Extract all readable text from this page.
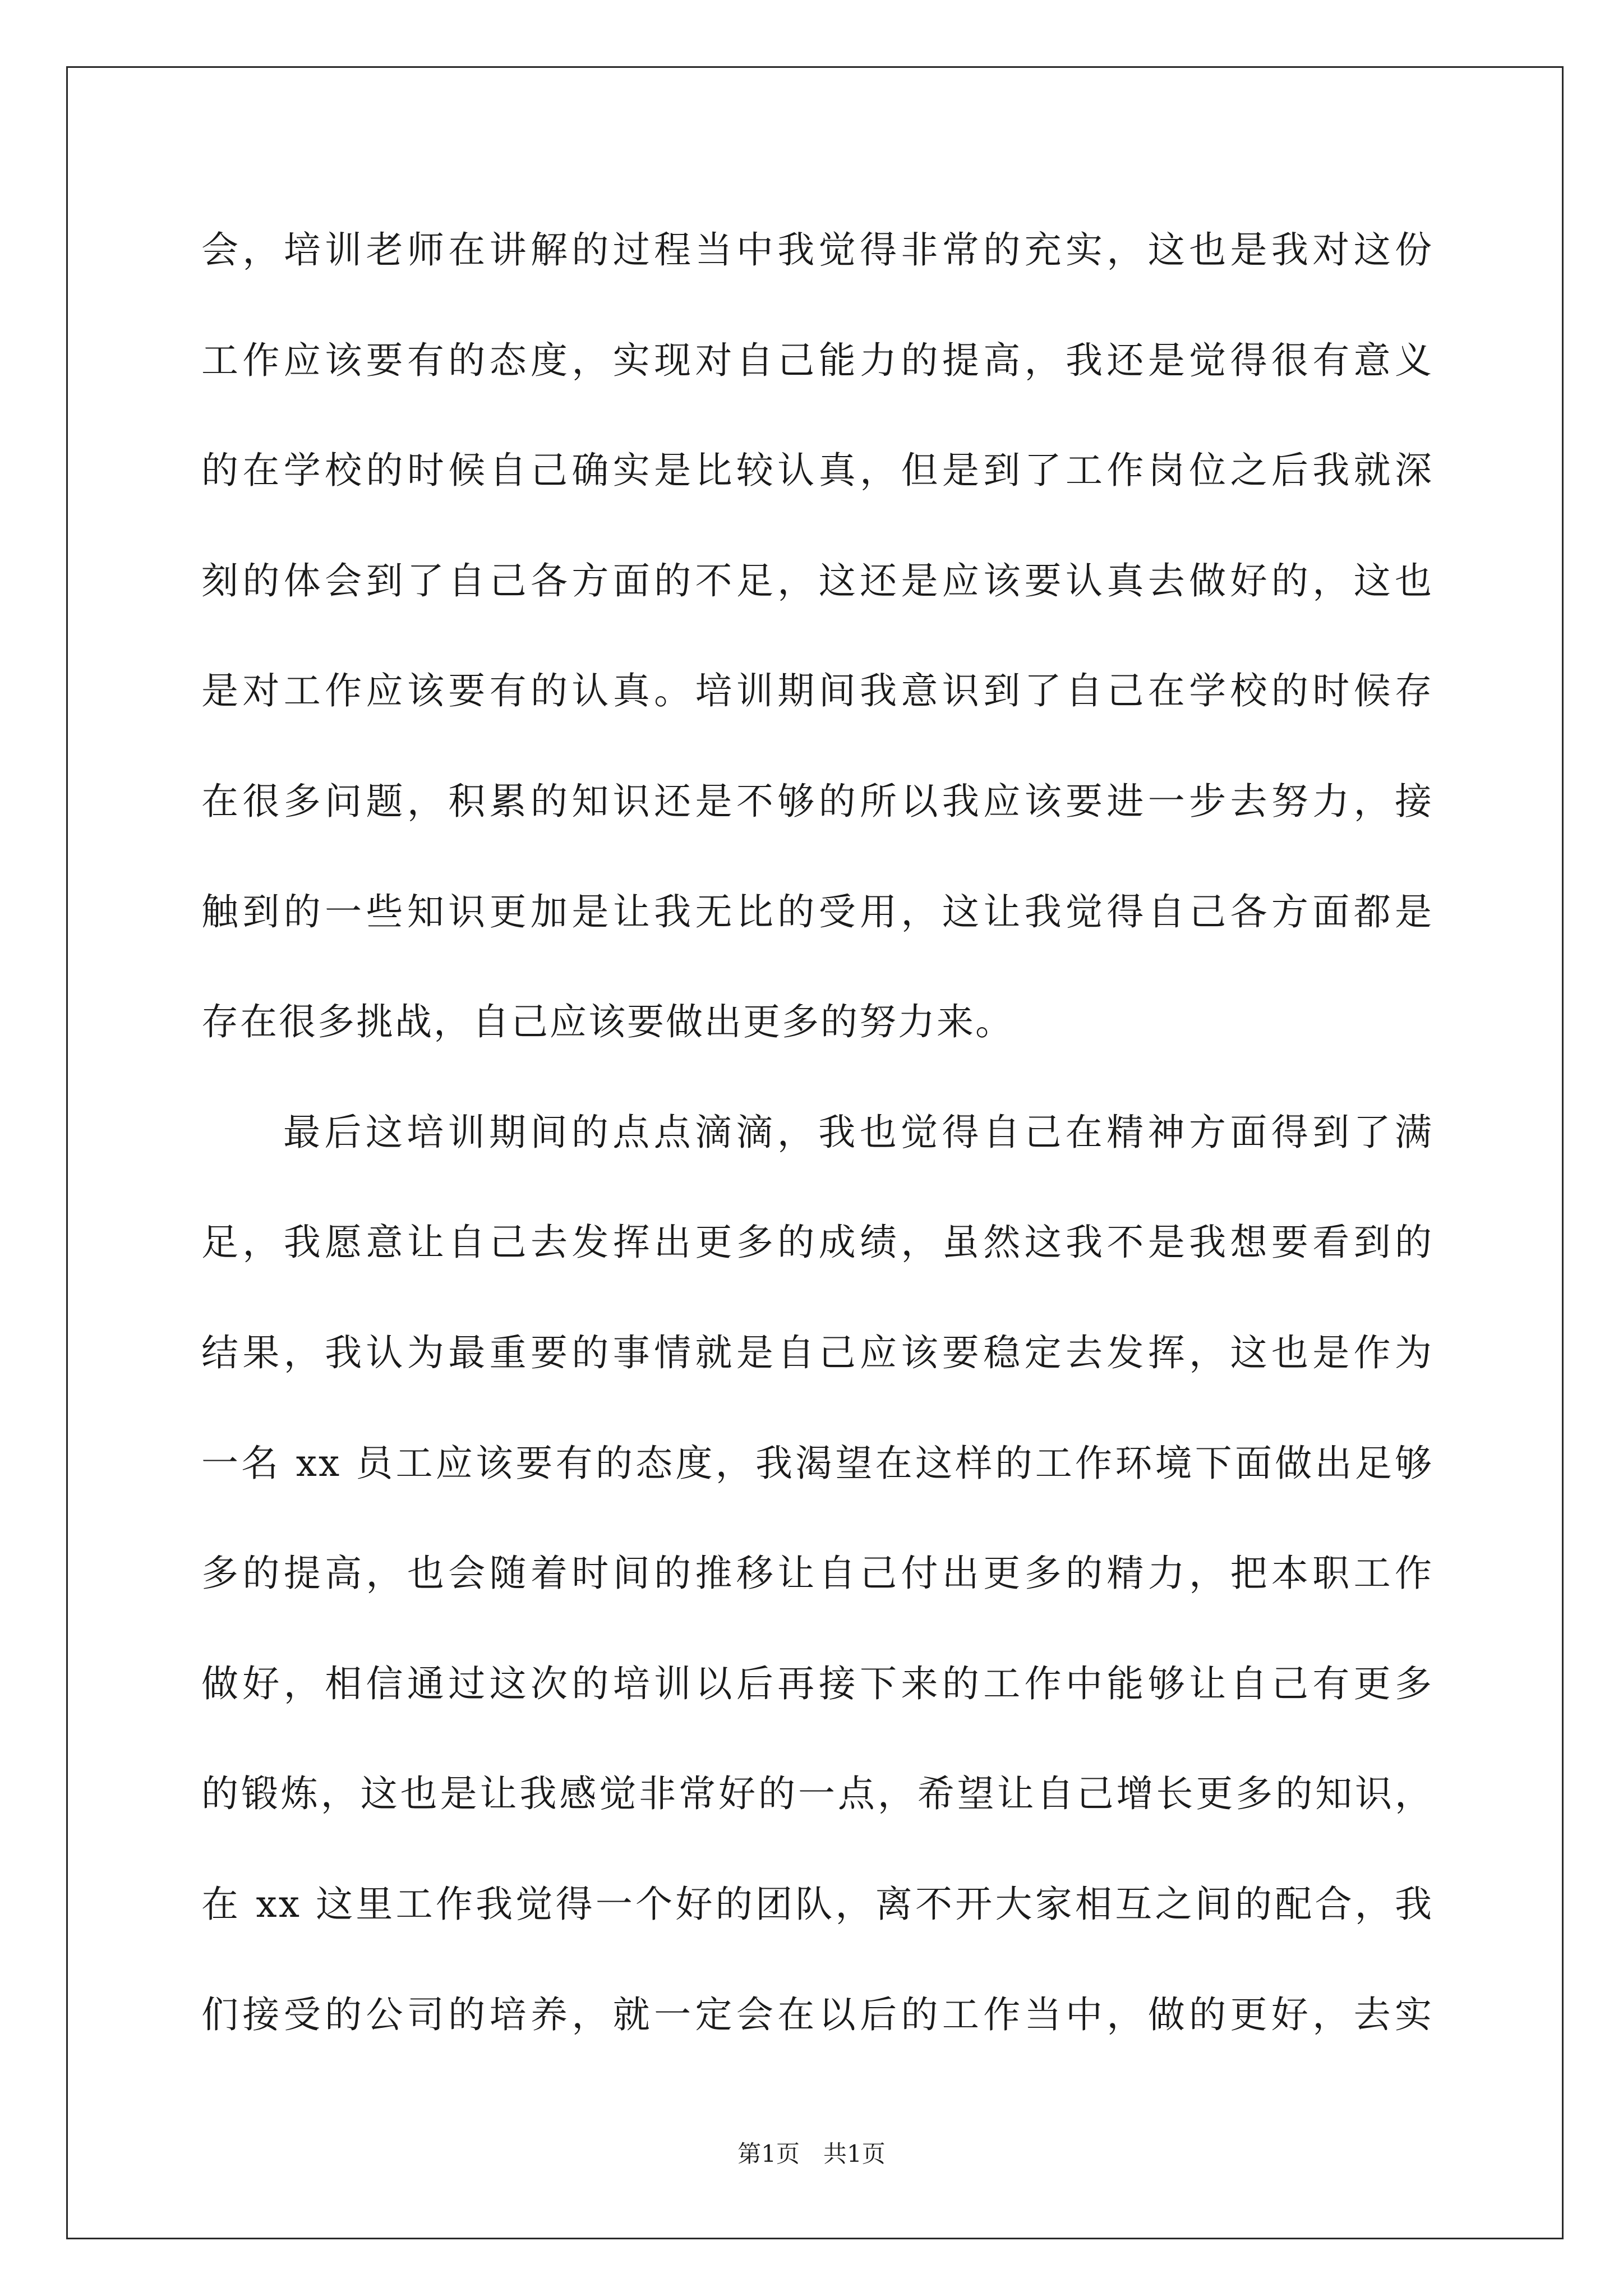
会，培训老师在讲解的过程当中我觉得非常的充实，这也是我对这份
工作应该要有的态度，实现对自己能力的提高，我还是觉得很有意义
的在学校的时候自己确实是比较认真，但是到了工作岗位之后我就深
刻的体会到了自己各方面的不足，这还是应该要认真去做好的，这也
是对工作应该要有的认真。培训期间我意识到了自己在学校的时候存
在很多问题，积累的知识还是不够的所以我应该要进一步去努力，接
触到的一些知识更加是让我无比的受用，这让我觉得自己各方面都是
存在很多挑战，自己应该要做出更多的努力来。
最后这培训期间的点点滴滴，我也觉得自己在精神方面得到了满
足，我愿意让自己去发挥出更多的成绩，虽然这我不是我想要看到的
结果，我认为最重要的事情就是自己应该要稳定去发挥，这也是作为
一名 xx 员工应该要有的态度，我渴望在这样的工作环境下面做出足够
多的提高，也会随着时间的推移让自己付出更多的精力，把本职工作
做好，相信通过这次的培训以后再接下来的工作中能够让自己有更多
的锻炼，这也是让我感觉非常好的一点，希望让自己增长更多的知识，
在 xx 这里工作我觉得一个好的团队，离不开大家相互之间的配合，我
们接受的公司的培养，就一定会在以后的工作当中，做的更好，去实
第1页　共1页
